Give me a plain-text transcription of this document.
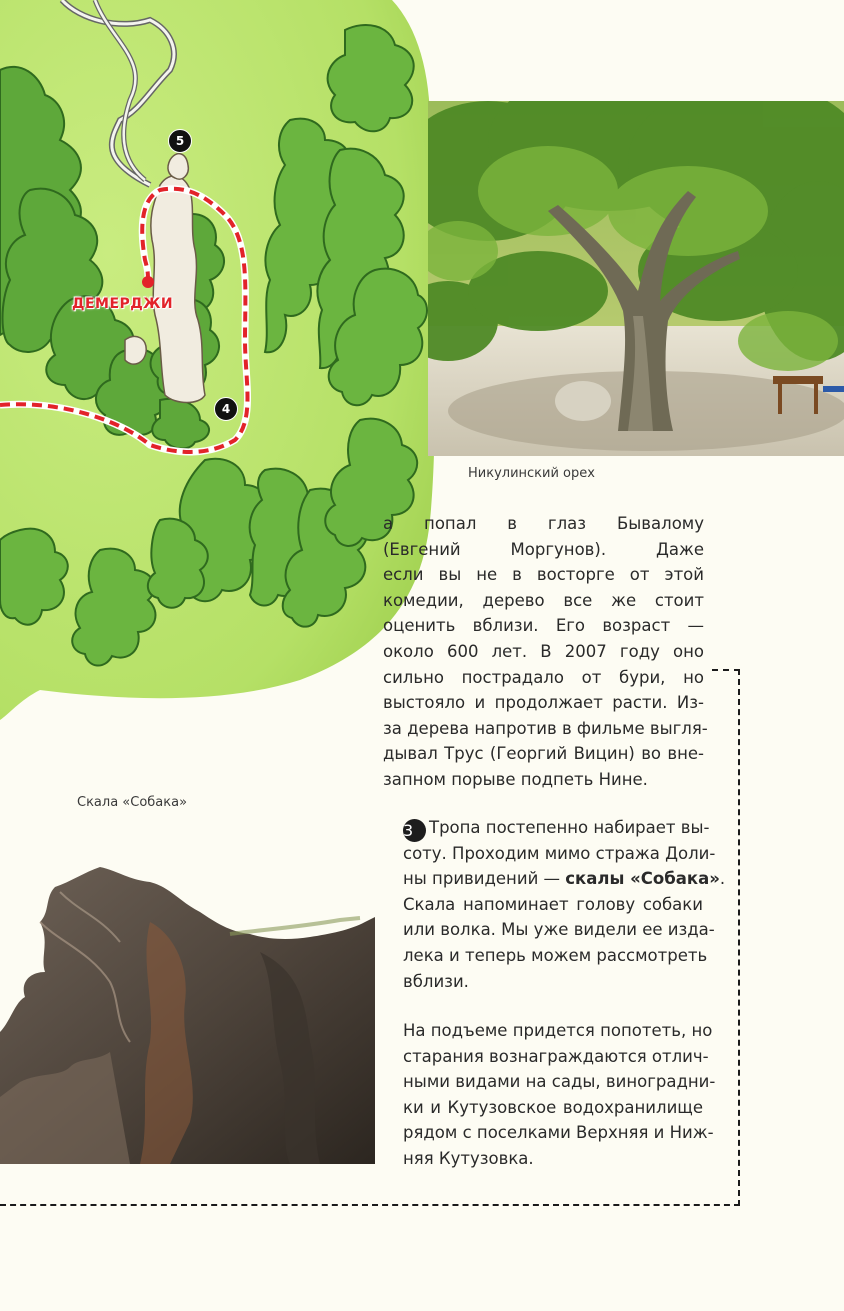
ДЕМЕРДЖИ
5
4
Никулинский орех
Скала «Собака»
а попал в глаз Бывалому
(Евгений Моргунов). Даже
если вы не в восторге от этой
комедии, дерево все же стоит
оценить вблизи. Его возраст —
около 600 лет. В 2007 году оно
сильно пострадало от бури, но
выстояло и продолжает расти. Из-
за дерева напротив в фильме выгля-
дывал Трус (Георгий Вицин) во вне-
запном порыве подпеть Нине.
3 Тропа постепенно набирает вы-
соту. Проходим мимо стража Доли-
ны привидений — скалы «Собака».
Скала напоминает голову собаки
или волка. Мы уже видели ее изда-
лека и теперь можем рассмотреть
вблизи.
На подъеме придется попотеть, но
старания вознаграждаются отлич-
ными видами на сады, виноградни-
ки и Кутузовское водохранилище
рядом с поселками Верхняя и Ниж-
няя Кутузовка.
